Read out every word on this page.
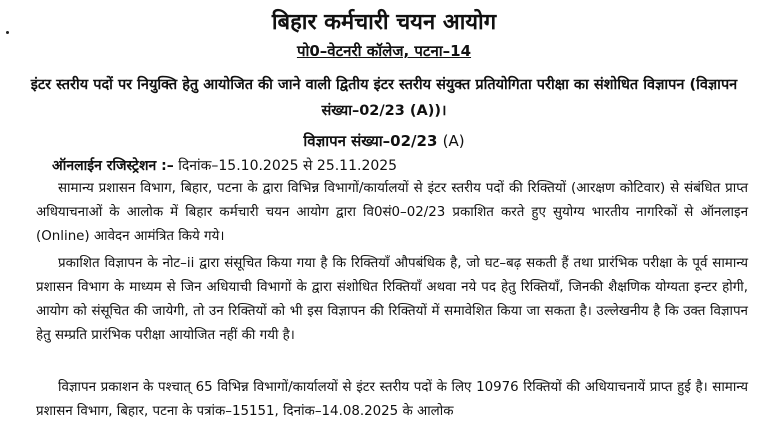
बिहार कर्मचारी चयन आयोग
पो0–वेटनरी कॉलेज, पटना–14
इंटर स्तरीय पदों पर नियुक्ति हेतु आयोजित की जाने वाली द्वितीय इंटर स्तरीय संयुक्त प्रतियोगिता परीक्षा का संशोधित विज्ञापन (विज्ञापन संख्या–02/23 (A))।
विज्ञापन संख्या–02/23 (A)
ऑनलाईन रजिस्ट्रेशन :– दिनांक–15.10.2025 से 25.11.2025

सामान्य प्रशासन विभाग, बिहार, पटना के द्वारा विभिन्न विभागों/कार्यालयों से इंटर स्तरीय पदों की रिक्तियों (आरक्षण कोटिवार) से संबंधित प्राप्त अधियाचनाओं के आलोक में बिहार कर्मचारी चयन आयोग द्वारा वि0सं0–02/23 प्रकाशित करते हुए सुयोग्य भारतीय नागरिकों से ऑनलाइन (Online) आवेदन आमंत्रित किये गये।

प्रकाशित विज्ञापन के नोट–ii द्वारा संसूचित किया गया है कि रिक्तियाँ औपबंधिक है, जो घट–बढ़ सकती हैं तथा प्रारंभिक परीक्षा के पूर्व सामान्य प्रशासन विभाग के माध्यम से जिन अधियाची विभागों के द्वारा संशोधित रिक्तियाँ अथवा नये पद हेतु रिक्तियाँ, जिनकी शैक्षणिक योग्यता इन्टर होगी, आयोग को संसूचित की जायेगी, तो उन रिक्तियों को भी इस विज्ञापन की रिक्तियों में समावेशित किया जा सकता है। उल्लेखनीय है कि उक्त विज्ञापन हेतु सम्प्रति प्रारंभिक परीक्षा आयोजित नहीं की गयी है।

विज्ञापन प्रकाशन के पश्चात् 65 विभिन्न विभागों/कार्यालयों से इंटर स्तरीय पदों के लिए 10976 रिक्तियों की अधियाचनायें प्राप्त हुई है। सामान्य प्रशासन विभाग, बिहार, पटना के पत्रांक–15151, दिनांक–14.08.2025 के आलोक
